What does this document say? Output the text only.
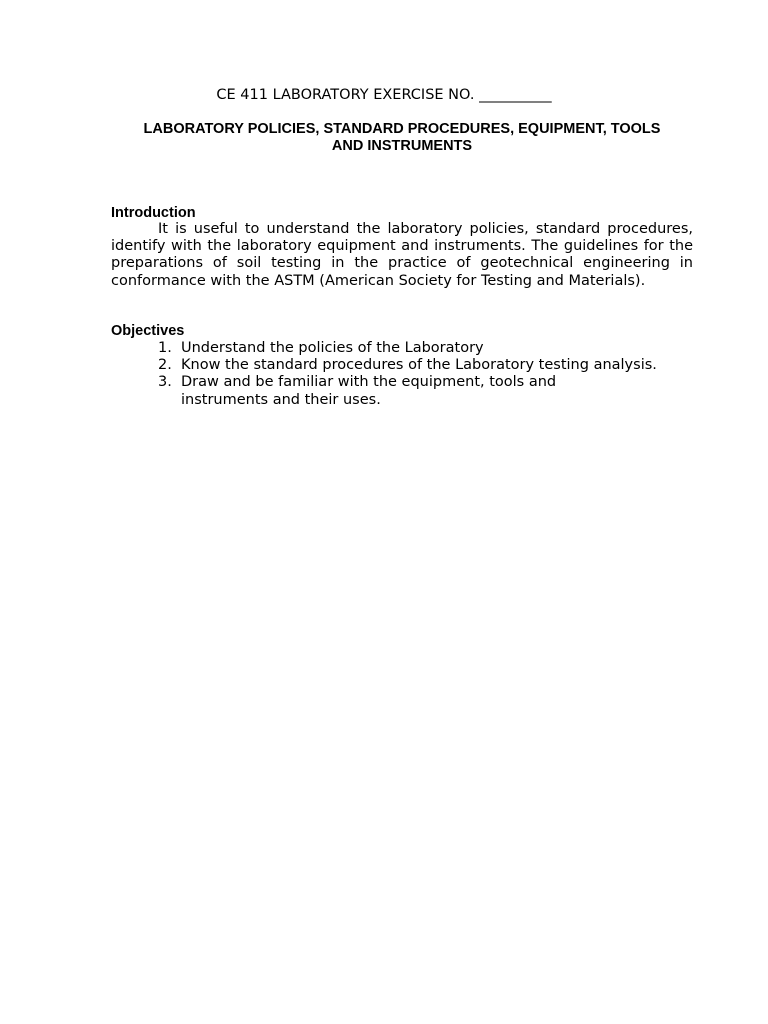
CE 411 LABORATORY EXERCISE NO. __________
LABORATORY POLICIES, STANDARD PROCEDURES, EQUIPMENT, TOOLS
AND INSTRUMENTS
Introduction

It is useful to understand the laboratory policies, standard procedures, identify with the laboratory equipment and instruments. The guidelines for the preparations of soil testing in the practice of geotechnical engineering in conformance with the ASTM (American Society for Testing and Materials).

Objectives
1. Understand the policies of the Laboratory
2. Know the standard procedures of the Laboratory testing analysis.
3. Draw and be familiar with the equipment, tools and instruments and their uses.
